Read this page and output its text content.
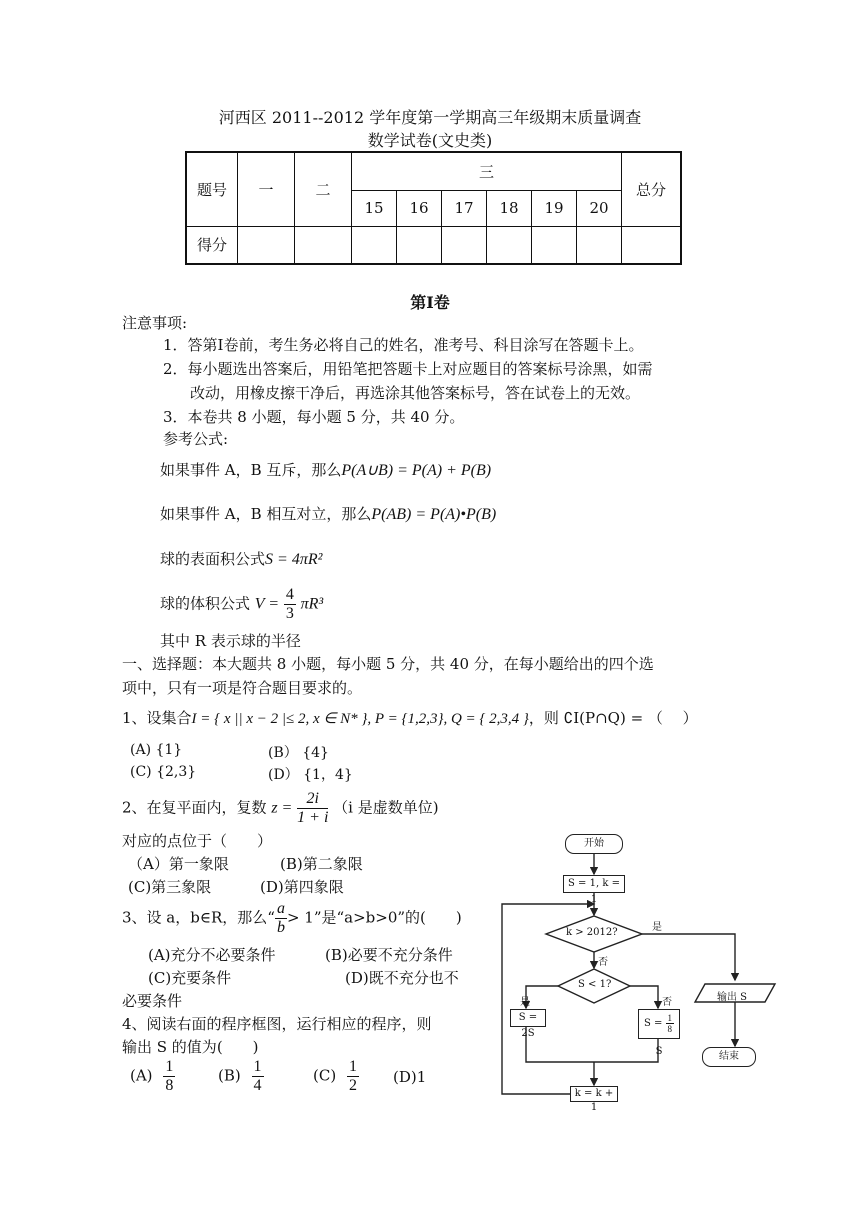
河西区 2011--2012 学年度第一学期高三年级期末质量调查
数学试卷(文史类)
题号	一	二	三						总分
			15	16	17	18	19	20	
得分									
第Ⅰ卷
注意事项:
1．答第Ⅰ卷前，考生务必将自己的姓名，准考号、科目涂写在答题卡上。
2．每小题选出答案后，用铅笔把答题卡上对应题目的答案标号涂黑，如需
改动，用橡皮擦干净后，再选涂其他答案标号，答在试卷上的无效。
3．本卷共 8 小题，每小题 5 分，共 40 分。
参考公式:
如果事件 A，B 互斥，那么P(A∪B) = P(A) + P(B)
如果事件 A，B 相互对立，那么P(AB) = P(A)•P(B)
球的表面积公式S = 4πR²
球的体积公式 $V = \frac{4}{3} \pi R^3$
其中 R 表示球的半径
一、选择题：本大题共 8 小题，每小题 5 分，共 40 分，在每小题给出的四个选
项中，只有一项是符合题目要求的。
1、设集合I = { x || x − 2 |≤ 2, x ∈ N* }, P = {1,2,3}, Q = { 2,3,4 }，则 ∁I(P∩Q) = （　 ）
(A) {1}	(B） {4}
(C) {2,3}	(D） {1，4}
2、在复平面内，复数 $z = \frac{2i}{1 + i} (i$ 是虚数单位)
对应的点位于（　　）
（A）第一象限	(B)第二象限
(C)第三象限	(D)第四象限
3、设 a，b∈R，那么“ $\frac{a}{b} > 1$”是“a>b>0”的(　　)
(A)充分不必要条件	(B)必要不充分条件
(C)充要条件	(D)既不充分也不
必要条件
4、阅读右面的程序框图，运行相应的程序，则
输出 S 的值为(　　)
$(A) \frac{1}{8}$	$(B) \frac{1}{4}$	$(C) \frac{1}{2} (D)1$
开始
S = 1, k = 1
k > 2012?	是
否
S < 1?
是	否
S = 2S
$S = \frac{1}{8}$
S
输出 S
结束
k = k + 1
